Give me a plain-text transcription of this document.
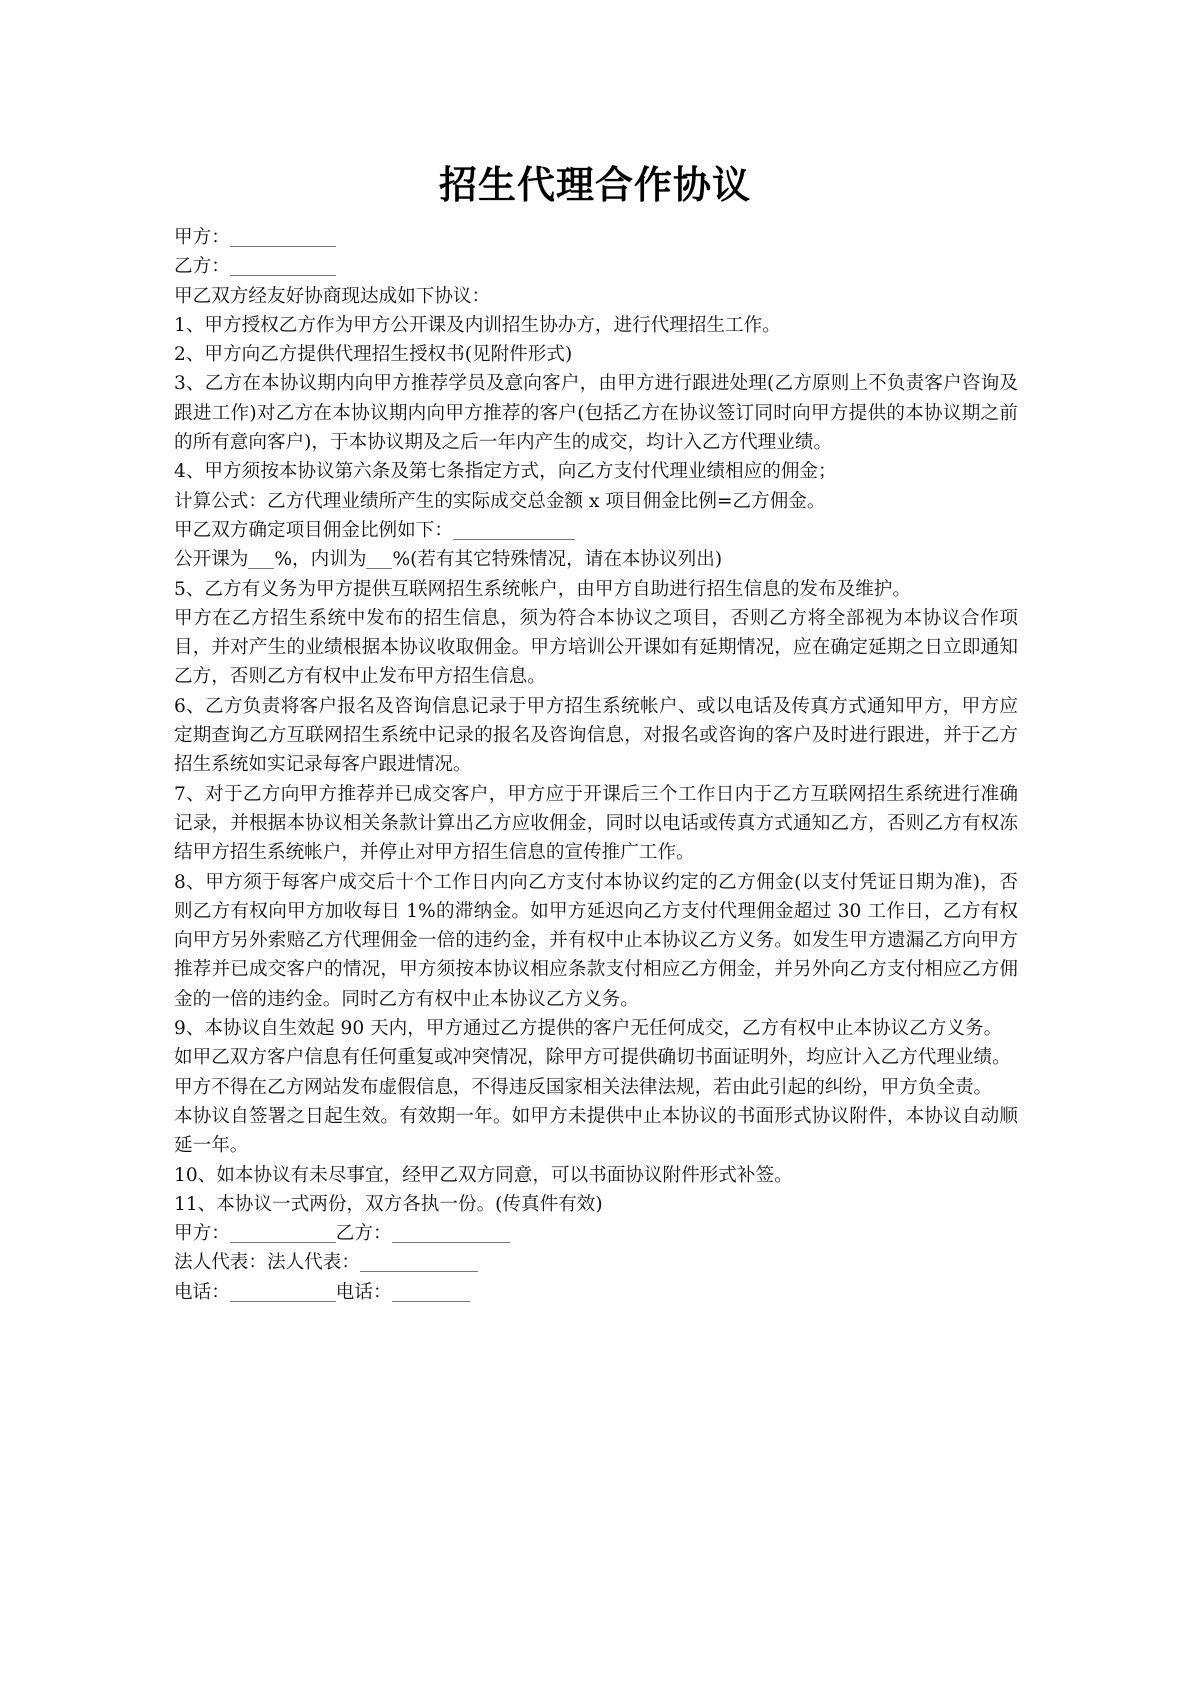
招生代理合作协议
甲方：
乙方：
甲乙双方经友好协商现达成如下协议：
1、甲方授权乙方作为甲方公开课及内训招生协办方，进行代理招生工作。
2、甲方向乙方提供代理招生授权书(见附件形式)
3、乙方在本协议期内向甲方推荐学员及意向客户，由甲方进行跟进处理(乙方原则上不负责客户咨询及跟进工作)对乙方在本协议期内向甲方推荐的客户(包括乙方在协议签订同时向甲方提供的本协议期之前的所有意向客户)，于本协议期及之后一年内产生的成交，均计入乙方代理业绩。
4、甲方须按本协议第六条及第七条指定方式，向乙方支付代理业绩相应的佣金；
计算公式：乙方代理业绩所产生的实际成交总金额 x 项目佣金比例=乙方佣金。
甲乙双方确定项目佣金比例如下：
公开课为 %，内训为 %(若有其它特殊情况，请在本协议列出)
5、乙方有义务为甲方提供互联网招生系统帐户，由甲方自助进行招生信息的发布及维护。
甲方在乙方招生系统中发布的招生信息，须为符合本协议之项目，否则乙方将全部视为本协议合作项目，并对产生的业绩根据本协议收取佣金。甲方培训公开课如有延期情况，应在确定延期之日立即通知乙方，否则乙方有权中止发布甲方招生信息。
6、乙方负责将客户报名及咨询信息记录于甲方招生系统帐户、或以电话及传真方式通知甲方，甲方应定期查询乙方互联网招生系统中记录的报名及咨询信息，对报名或咨询的客户及时进行跟进，并于乙方招生系统如实记录每客户跟进情况。
7、对于乙方向甲方推荐并已成交客户，甲方应于开课后三个工作日内于乙方互联网招生系统进行准确记录，并根据本协议相关条款计算出乙方应收佣金，同时以电话或传真方式通知乙方，否则乙方有权冻结甲方招生系统帐户，并停止对甲方招生信息的宣传推广工作。
8、甲方须于每客户成交后十个工作日内向乙方支付本协议约定的乙方佣金(以支付凭证日期为准)，否则乙方有权向甲方加收每日 1%的滞纳金。如甲方延迟向乙方支付代理佣金超过 30 工作日，乙方有权向甲方另外索赔乙方代理佣金一倍的违约金，并有权中止本协议乙方义务。如发生甲方遗漏乙方向甲方推荐并已成交客户的情况，甲方须按本协议相应条款支付相应乙方佣金，并另外向乙方支付相应乙方佣金的一倍的违约金。同时乙方有权中止本协议乙方义务。
9、本协议自生效起 90 天内，甲方通过乙方提供的客户无任何成交，乙方有权中止本协议乙方义务。
如甲乙双方客户信息有任何重复或冲突情况，除甲方可提供确切书面证明外，均应计入乙方代理业绩。
甲方不得在乙方网站发布虚假信息，不得违反国家相关法律法规，若由此引起的纠纷，甲方负全责。
本协议自签署之日起生效。有效期一年。如甲方未提供中止本协议的书面形式协议附件，本协议自动顺延一年。
10、如本协议有未尽事宜，经甲乙双方同意，可以书面协议附件形式补签。
11、本协议一式两份，双方各执一份。(传真件有效)
甲方：	乙方：
法人代表：法人代表：
电话：	电话：
